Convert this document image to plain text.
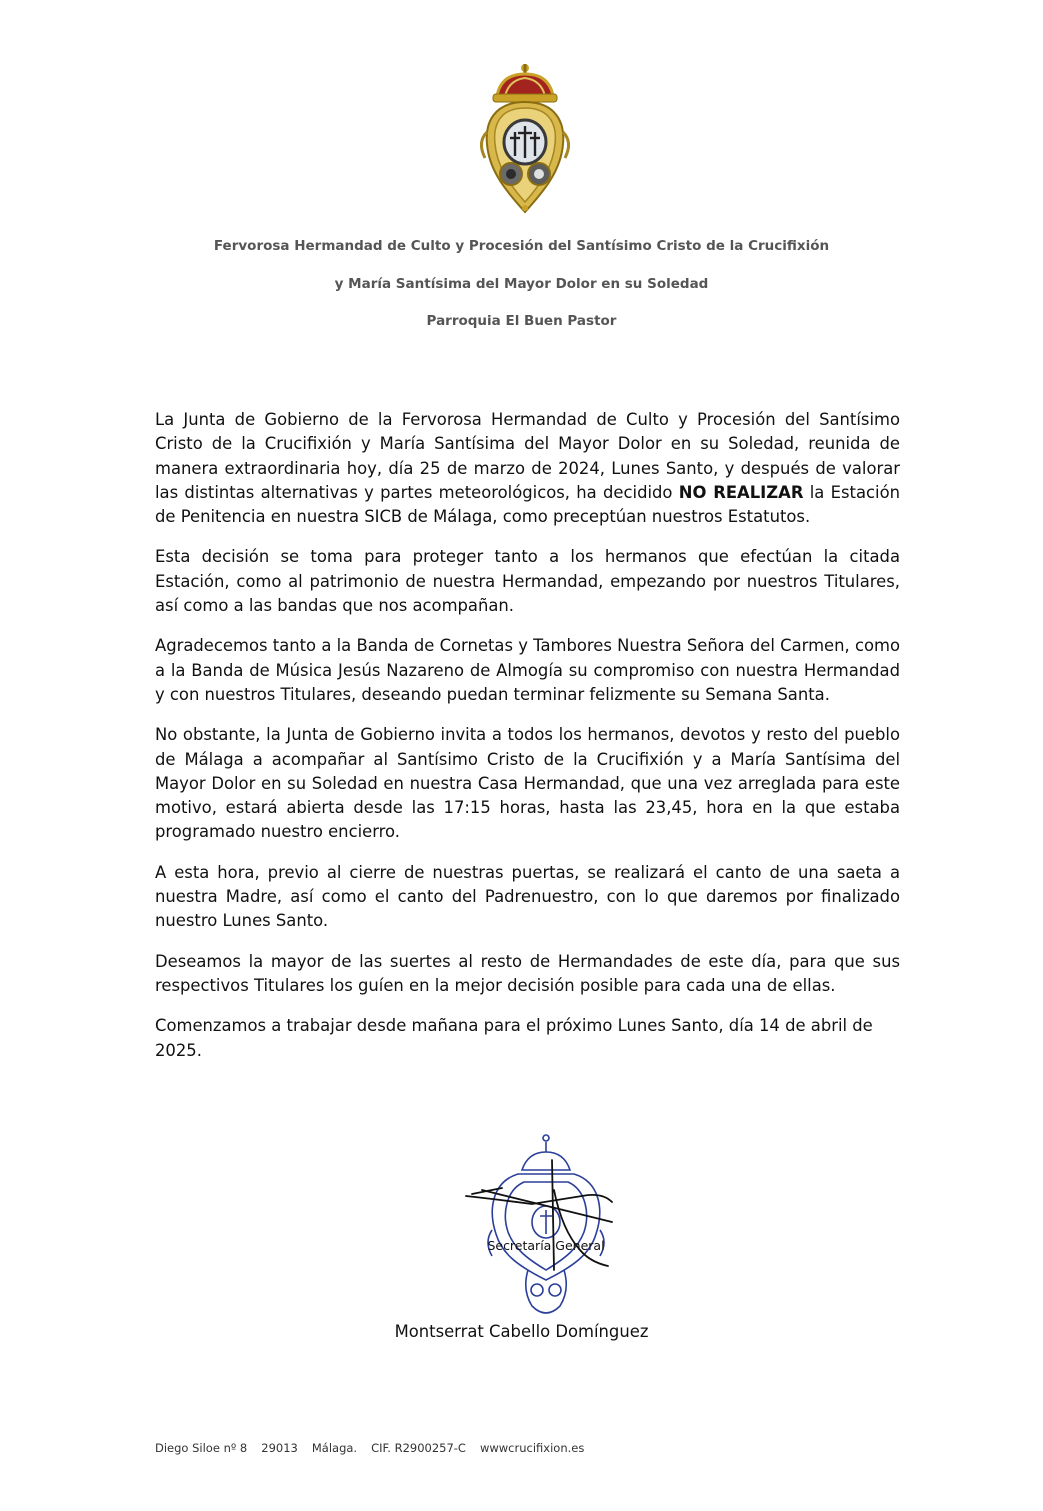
Fervorosa Hermandad de Culto y Procesión del Santísimo Cristo de la Crucifixión
y María Santísima del Mayor Dolor en su Soledad
Parroquia El Buen Pastor

La Junta de Gobierno de la Fervorosa Hermandad de Culto y Procesión del Santísimo Cristo de la Crucifixión y María Santísima del Mayor Dolor en su Soledad, reunida de manera extraordinaria hoy, día 25 de marzo de 2024, Lunes Santo, y después de valorar las distintas alternativas y partes meteorológicos, ha decidido NO REALIZAR la Estación de Penitencia en nuestra SICB de Málaga, como preceptúan nuestros Estatutos.

Esta decisión se toma para proteger tanto a los hermanos que efectúan la citada Estación, como al patrimonio de nuestra Hermandad, empezando por nuestros Titulares, así como a las bandas que nos acompañan.

Agradecemos tanto a la Banda de Cornetas y Tambores Nuestra Señora del Carmen, como a la Banda de Música Jesús Nazareno de Almogía su compromiso con nuestra Hermandad y con nuestros Titulares, deseando puedan terminar felizmente su Semana Santa.

No obstante, la Junta de Gobierno invita a todos los hermanos, devotos y resto del pueblo de Málaga a acompañar al Santísimo Cristo de la Crucifixión y a María Santísima del Mayor Dolor en su Soledad en nuestra Casa Hermandad, que una vez arreglada para este motivo, estará abierta desde las 17:15 horas, hasta las 23,45, hora en la que estaba programado nuestro encierro.

A esta hora, previo al cierre de nuestras puertas, se realizará el canto de una saeta a nuestra Madre, así como el canto del Padrenuestro, con lo que daremos por finalizado nuestro Lunes Santo.

Deseamos la mayor de las suertes al resto de Hermandades de este día, para que sus respectivos Titulares los guíen en la mejor decisión posible para cada una de ellas.

Comenzamos a trabajar desde mañana para el próximo Lunes Santo, día 14 de abril de 2025.

Secretaría General
Montserrat Cabello Domínguez
Diego Siloe nº 8 29013 Málaga. CIF. R2900257-C wwwcrucifixion.es
